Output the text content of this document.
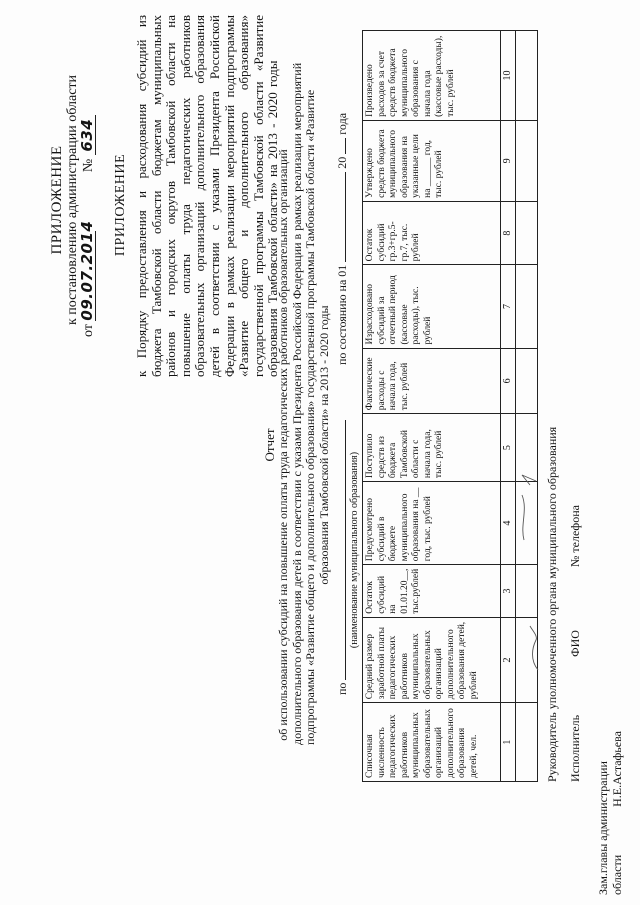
ПРИЛОЖЕНИЕ к постановлению администрации области
от 09.07.2014 № 634
ПРИЛОЖЕНИЕ к Порядку предоставления и расходования субсидий из бюджета Тамбовской области бюджетам муниципальных районов и городских округов Тамбовской области на повышение оплаты труда педагогических работников образовательных организаций дополнительного образования детей в соответствии с указами Президента Российской Федерации в рамках реализации мероприятий подпрограммы «Развитие общего и дополнительного образования» государственной программы Тамбовской области «Развитие образования Тамбовской области» на 2013 - 2020 годы
Отчет об использовании субсидий на повышение оплаты труда педагогических работников образовательных организаций дополнительного образования детей в соответствии с указами Президента Российской Федерации в рамках реализации мероприятий подпрограммы «Развитие общего и дополнительного образования» государственной программы Тамбовской области «Развитие образования Тамбовской области» на 2013 - 2020 годы
по
по состоянию на 01  20  года
(наименование муниципального образования)
Списочная численность педагогических работников муниципальных образовательных организаций дополнительного образования детей, чел.	Средний размер заработной платы педагогических работников муниципальных образовательных организаций дополнительного образования детей, рублей	Остаток субсидий на 01.01.20__, тыс.рублей	Предусмотрено субсидий в бюджете муниципального образования на __ год, тыс. рублей	Поступило средств из бюджета Тамбовской области с начала года, тыс. рублей	Фактические расходы с начала года, тыс. рублей	Израсходовано субсидий за отчетный период (кассовые расходы), тыс. рублей	Остаток субсидий гр.3+гр.5-гр.7, тыс. рублей	Утверждено средств бюджета муниципального образования на указанные цели на ______ год, тыс. рублей	Произведено расходов за счет средств бюджета муниципального образования с начала года (кассовые расходы), тыс. рублей
1	2	3	4	5	6	7	8	9	10

Руководитель уполномоченного органа муниципального образования Исполнитель ФИО № телефона
Зам.главы администрации области Н.Е.Астафьева
